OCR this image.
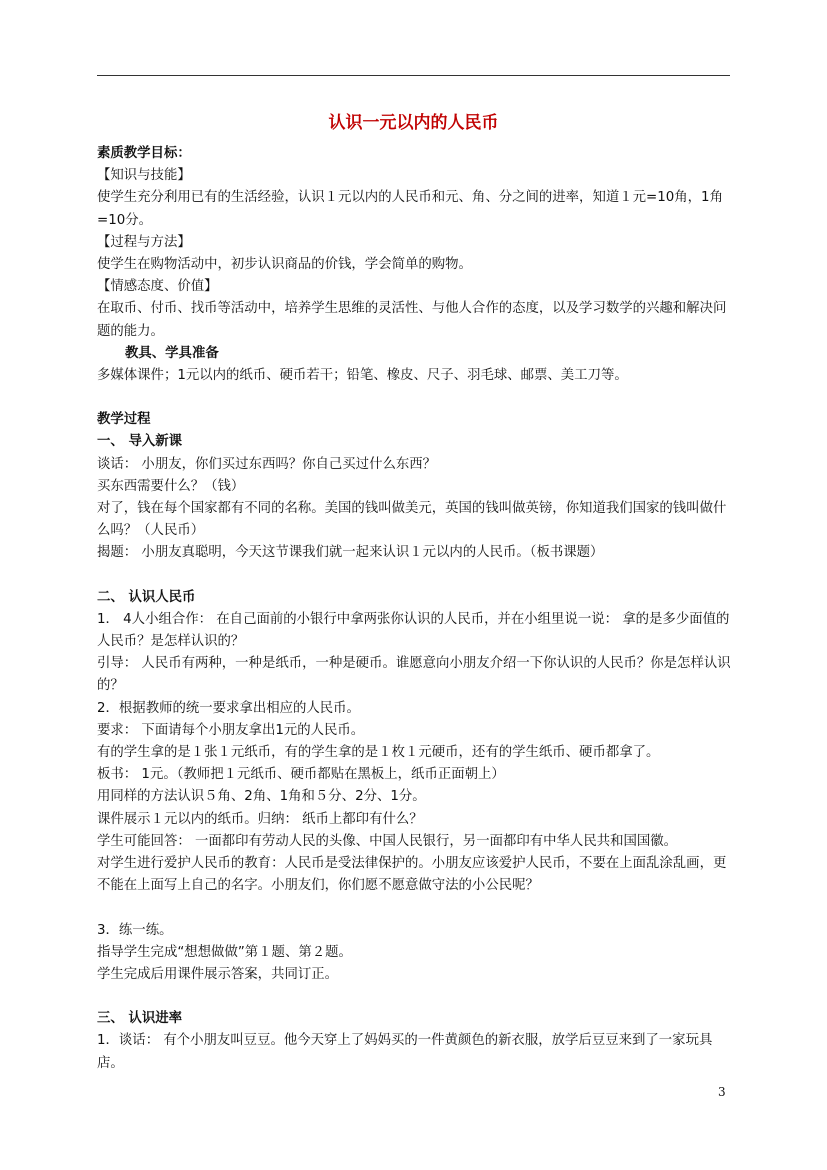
认识一元以内的人民币

素质教学目标：

【知识与技能】

使学生充分利用已有的生活经验，认识１元以内的人民币和元、角、分之间的进率，知道１元=10角，1角=10分。

【过程与方法】

使学生在购物活动中，初步认识商品的价钱，学会简单的购物。

【情感态度、价值】

在取币、付币、找币等活动中，培养学生思维的灵活性、与他人合作的态度，以及学习数学的兴趣和解决问题的能力。

教具、学具准备

多媒体课件；1元以内的纸币、硬币若干；铅笔、橡皮、尺子、羽毛球、邮票、美工刀等。

教学过程

一、 导入新课

谈话： 小朋友，你们买过东西吗？你自己买过什么东西？

买东西需要什么？（钱）

对了，钱在每个国家都有不同的名称。美国的钱叫做美元，英国的钱叫做英镑，你知道我们国家的钱叫做什么吗？（人民币）

揭题： 小朋友真聪明，今天这节课我们就一起来认识１元以内的人民币。（板书课题）

二、 认识人民币

1． 4人小组合作： 在自己面前的小银行中拿两张你认识的人民币，并在小组里说一说： 拿的是多少面值的人民币？是怎样认识的？

引导： 人民币有两种，一种是纸币，一种是硬币。谁愿意向小朋友介绍一下你认识的人民币？你是怎样认识的？

2．根据教师的统一要求拿出相应的人民币。

要求： 下面请每个小朋友拿出1元的人民币。

有的学生拿的是１张１元纸币，有的学生拿的是１枚１元硬币，还有的学生纸币、硬币都拿了。

板书： 1元。（教师把１元纸币、硬币都贴在黑板上，纸币正面朝上）

用同样的方法认识５角、2角、1角和５分、2分、1分。

课件展示１元以内的纸币。归纳： 纸币上都印有什么？

学生可能回答： 一面都印有劳动人民的头像、中国人民银行，另一面都印有中华人民共和国国徽。

对学生进行爱护人民币的教育：人民币是受法律保护的。小朋友应该爱护人民币，不要在上面乱涂乱画，更不能在上面写上自己的名字。小朋友们，你们愿不愿意做守法的小公民呢？

3．练一练。

指导学生完成“想想做做”第１题、第２题。

学生完成后用课件展示答案，共同订正。

三、 认识进率

1．谈话： 有个小朋友叫豆豆。他今天穿上了妈妈买的一件黄颜色的新衣服，放学后豆豆来到了一家玩具店。

3
